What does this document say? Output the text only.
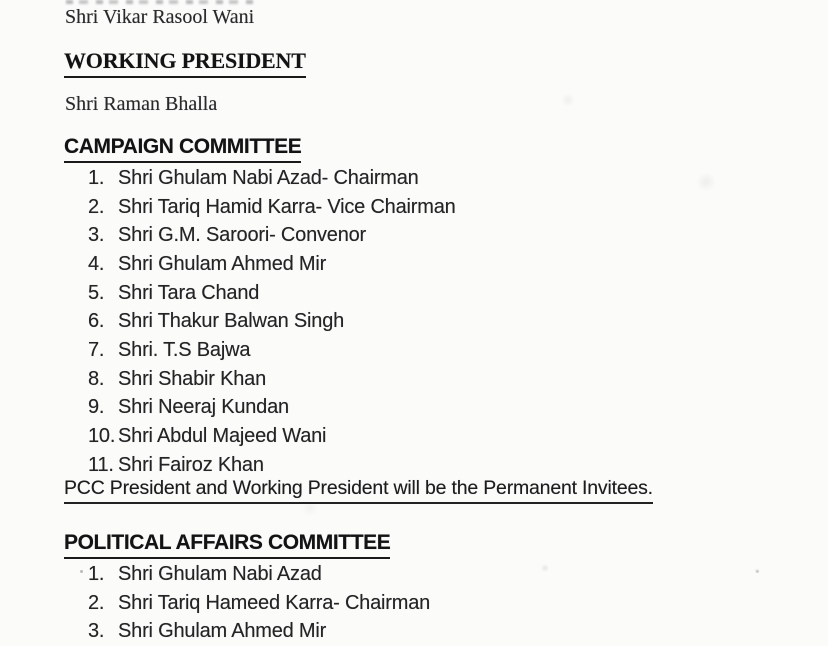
Shri Vikar Rasool Wani
WORKING PRESIDENT
Shri Raman Bhalla
CAMPAIGN COMMITTEE
1. Shri Ghulam Nabi Azad- Chairman
2. Shri Tariq Hamid Karra- Vice Chairman
3. Shri G.M. Saroori- Convenor
4. Shri Ghulam Ahmed Mir
5. Shri Tara Chand
6. Shri Thakur Balwan Singh
7. Shri. T.S Bajwa
8. Shri Shabir Khan
9. Shri Neeraj Kundan
10. Shri Abdul Majeed Wani
11. Shri Fairoz Khan
PCC President and Working President will be the Permanent Invitees.
POLITICAL AFFAIRS COMMITTEE
1. Shri Ghulam Nabi Azad
2. Shri Tariq Hameed Karra- Chairman
3. Shri Ghulam Ahmed Mir
